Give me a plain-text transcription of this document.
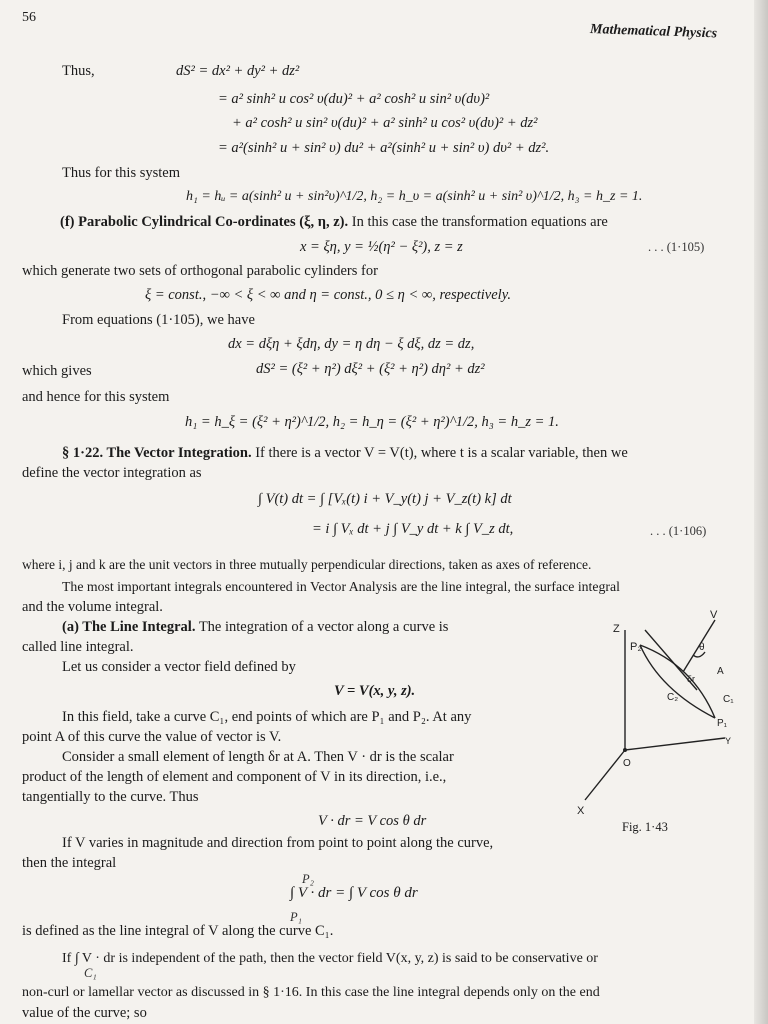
56
Mathematical Physics
Thus,	dS² = dx² + dy² + dz²
= a² sinh² u cos² υ(du)² + a² cosh² u sin² υ(dυ)²
+ a² cosh² u sin² υ(du)² + a² sinh² u cos² υ(dυ)² + dz²
= a²(sinh² u + sin² υ) du² + a²(sinh² u + sin² υ) dυ² + dz².
Thus for this system
h₁ = hᵤ = a(sinh² u + sin²υ)^1/2, h₂ = h_υ = a(sinh² u + sin² υ)^1/2, h₃ = h_z = 1.
(f) Parabolic Cylindrical Co-ordinates (ξ, η, z). In this case the transformation equations are
x = ξη, y = ½(η² − ξ²), z = z	. . . (1·105)
which generate two sets of orthogonal parabolic cylinders for
ξ = const., −∞ < ξ < ∞ and η = const., 0 ≤ η < ∞, respectively.
From equations (1·105), we have
dx = dξη + ξdη, dy = η dη − ξ dξ, dz = dz,
which gives	dS² = (ξ² + η²) dξ² + (ξ² + η²) dη² + dz²
and hence for this system
h₁ = h_ξ = (ξ² + η²)^1/2, h₂ = h_η = (ξ² + η²)^1/2, h₃ = h_z = 1.
§ 1·22. The Vector Integration. If there is a vector V = V(t), where t is a scalar variable, then we
define the vector integration as
∫ V(t) dt = ∫ [Vₓ(t) i + V_y(t) j + V_z(t) k] dt
= i ∫ Vₓ dt + j ∫ V_y dt + k ∫ V_z dt,	. . . (1·106)
where i, j and k are the unit vectors in three mutually perpendicular directions, taken as axes of reference.
The most important integrals encountered in Vector Analysis are the line integral, the surface integral
and the volume integral.
(a) The Line Integral. The integration of a vector along a curve is
called line integral.
Let us consider a vector field defined by
V = V(x, y, z).
In this field, take a curve C₁, end points of which are P₁ and P₂. At any
point A of this curve the value of vector is V.
Consider a small element of length δr at A. Then V · dr is the scalar
product of the length of element and component of V in its direction, i.e.,
tangentially to the curve. Thus
V · dr = V cos θ dr
If V varies in magnitude and direction from point to point along the curve,
then the integral
∫ V · dr = ∫ V cos θ dr
P₁
P₂
is defined as the line integral of V along the curve C₁.
If ∫ V · dr is independent of the path, then the vector field V(x, y, z) is said to be conservative or
C₁
non-curl or lamellar vector as discussed in § 1·16. In this case the line integral depends only on the end
value of the curve; so
Z
V
P₂	θ
A
δr
C₂	C₁
P₁
Y
O
X
Fig. 1·43
